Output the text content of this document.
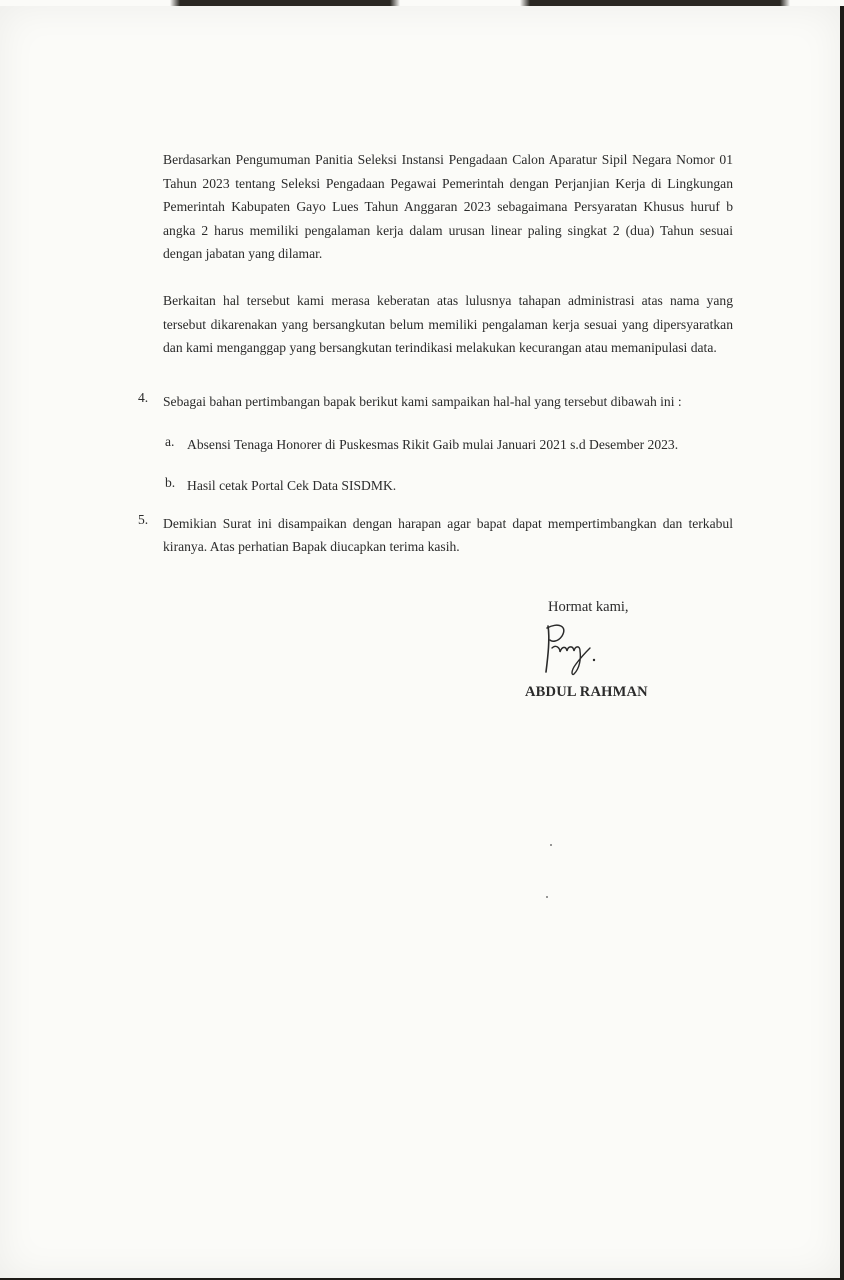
Berdasarkan Pengumuman Panitia Seleksi Instansi Pengadaan Calon Aparatur Sipil Negara Nomor 01 Tahun 2023 tentang Seleksi Pengadaan Pegawai Pemerintah dengan Perjanjian Kerja di Lingkungan Pemerintah Kabupaten Gayo Lues Tahun Anggaran 2023 sebagaimana Persyaratan Khusus huruf b angka 2 harus memiliki pengalaman kerja dalam urusan linear paling singkat 2 (dua) Tahun sesuai dengan jabatan yang dilamar.

Berkaitan hal tersebut kami merasa keberatan atas lulusnya tahapan administrasi atas nama yang tersebut dikarenakan yang bersangkutan belum memiliki pengalaman kerja sesuai yang dipersyaratkan dan kami menganggap yang bersangkutan terindikasi melakukan kecurangan atau memanipulasi data.

4.	Sebagai bahan pertimbangan bapak berikut kami sampaikan hal-hal yang tersebut dibawah ini :

a. Absensi Tenaga Honorer di Puskesmas Rikit Gaib mulai Januari 2021 s.d Desember 2023.
b. Hasil cetak Portal Cek Data SISDMK.
5.	Demikian Surat ini disampaikan dengan harapan agar bapat dapat mempertimbangkan dan terkabul kiranya. Atas perhatian Bapak diucapkan terima kasih.

Hormat kami,
ABDUL RAHMAN
